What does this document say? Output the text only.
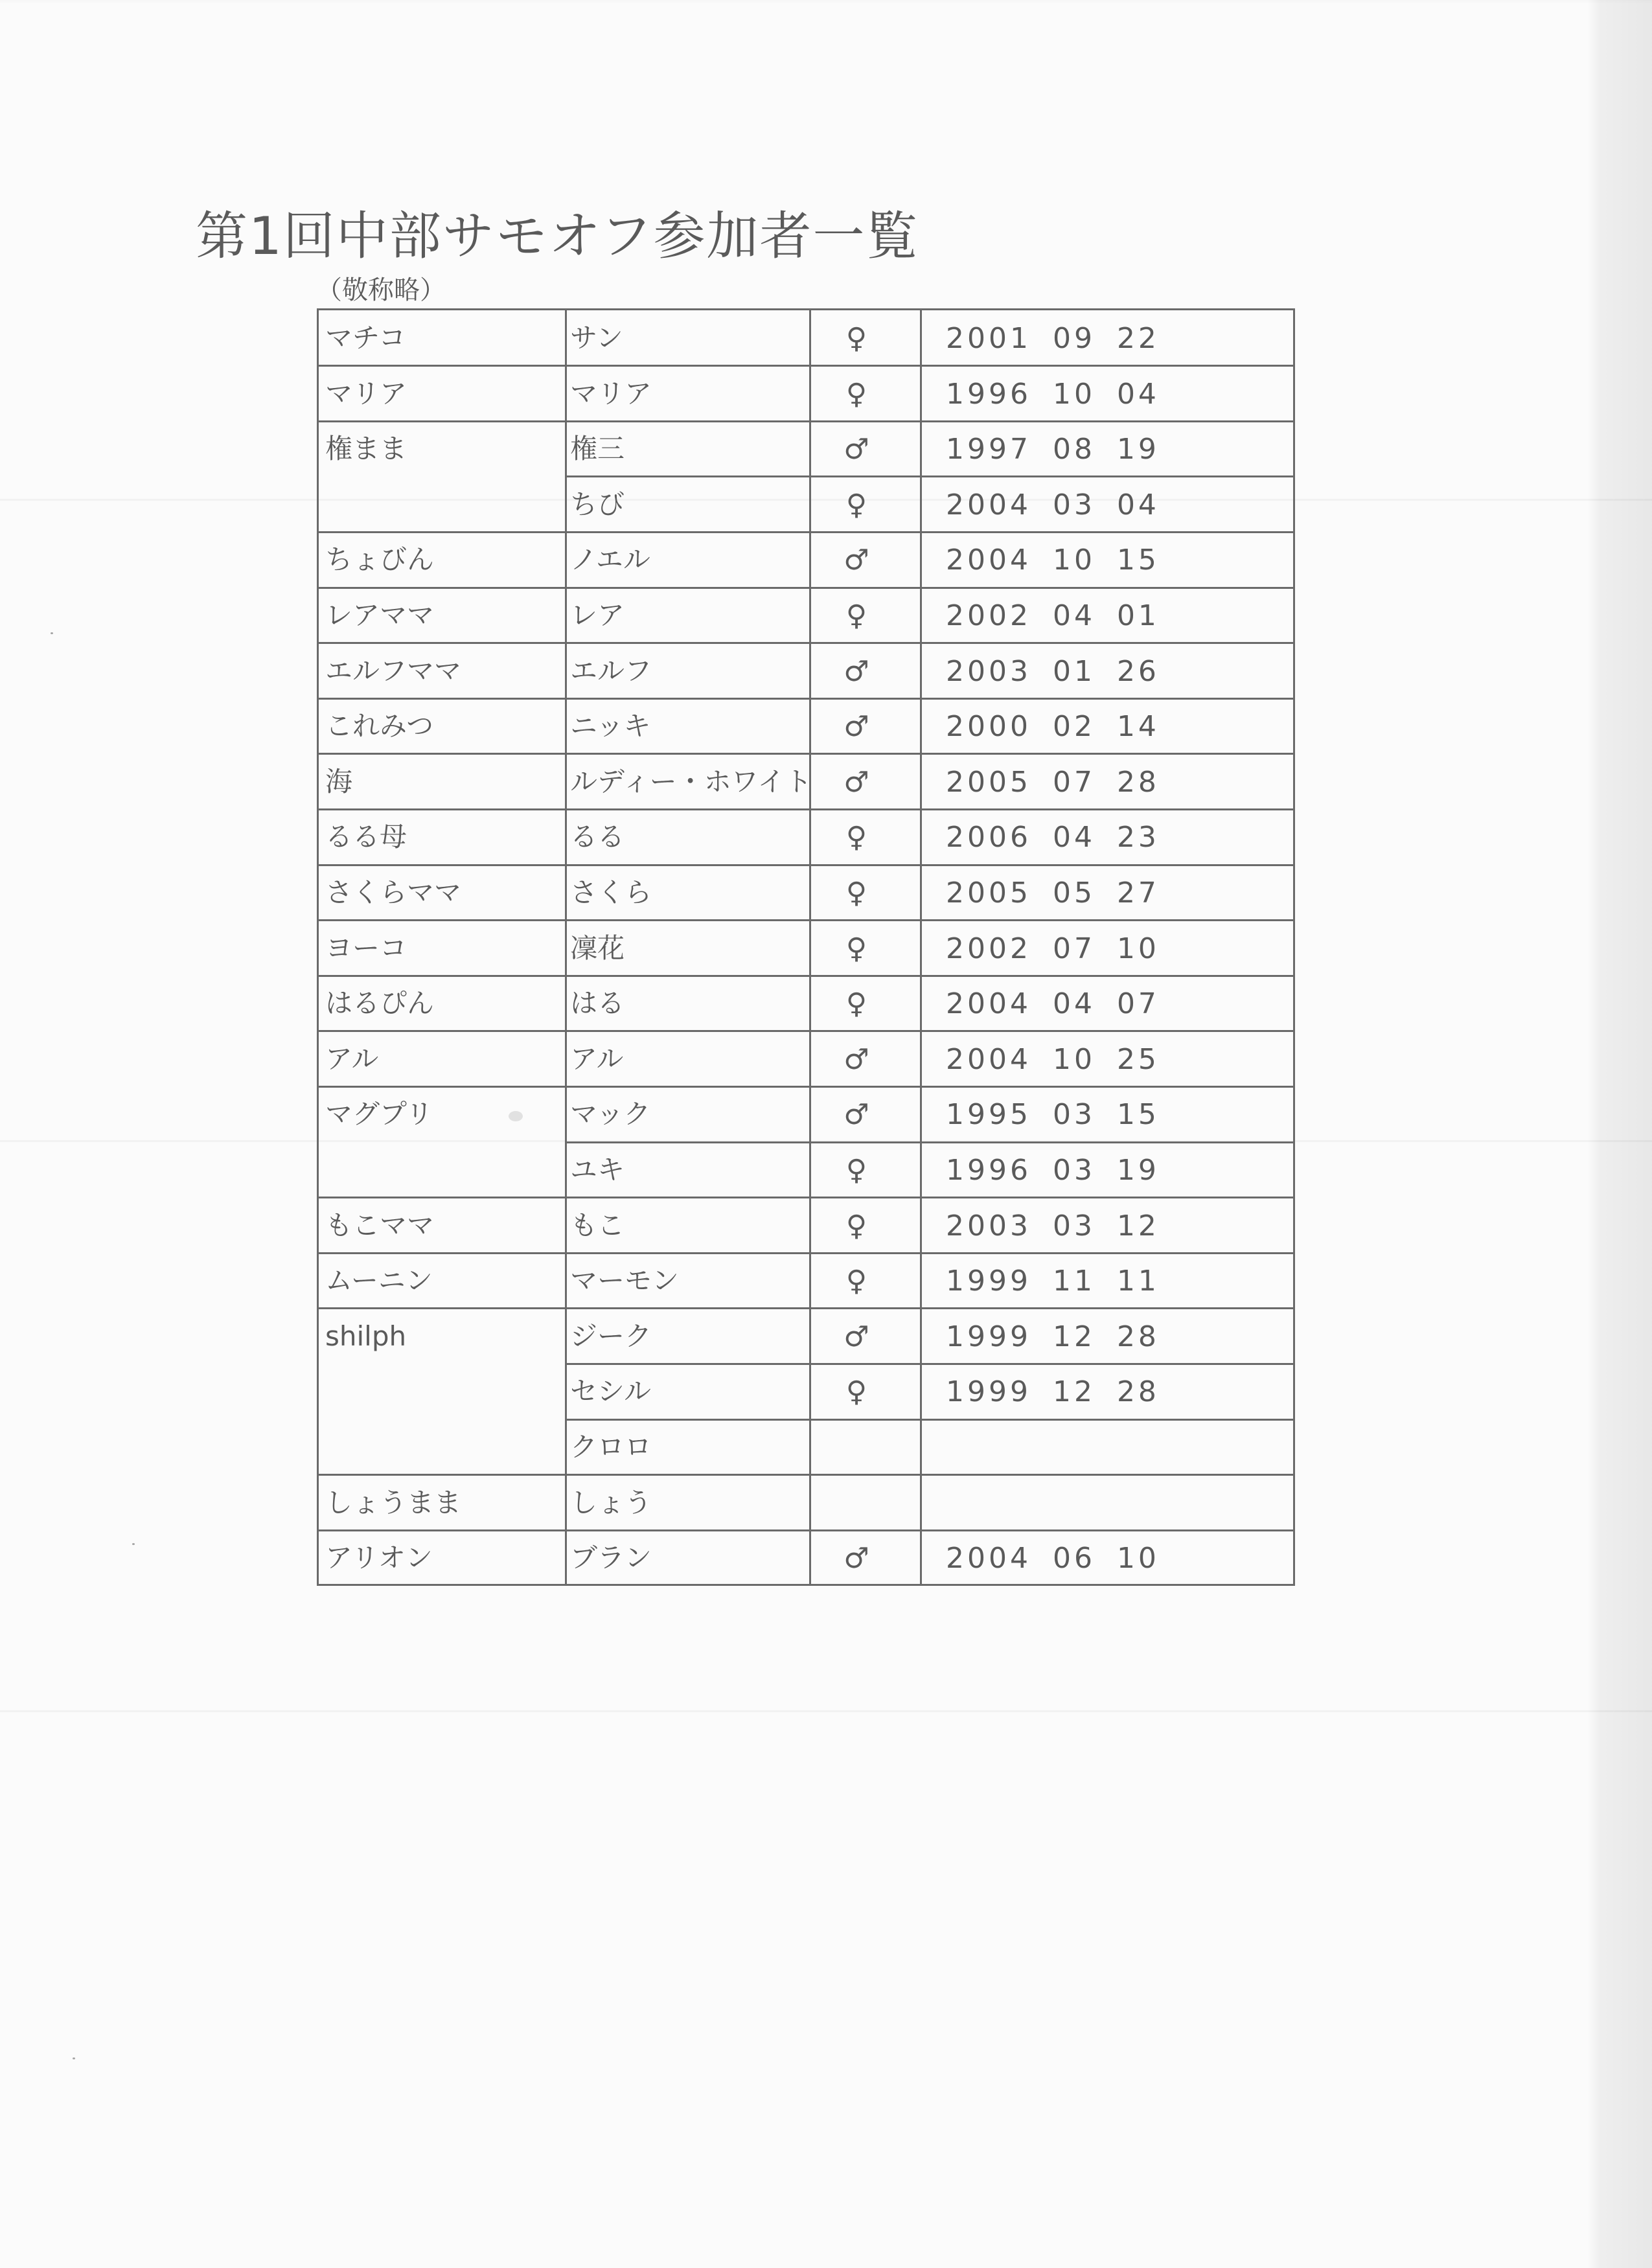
第1回中部サモオフ参加者一覧
（敬称略）
マチコ	サン	♀	2001 09 22
マリア	マリア	♀	1996 10 04
権まま	権三	♂	1997 08 19
ちび	♀	2004 03 04
ちょびん	ノエル	♂	2004 10 15
レアママ	レア	♀	2002 04 01
エルフママ	エルフ	♂	2003 01 26
これみつ	ニッキ	♂	2000 02 14
海	ルディー・ホワイト ♂	2005 07 28
るる母	るる	♀	2006 04 23
さくらママ	さくら	♀	2005 05 27
ヨーコ	凜花	♀	2002 07 10
はるぴん	はる	♀	2004 04 07
アル	アル	♂	2004 10 25
マグプリ	マック	♂	1995 03 15
ユキ	♀	1996 03 19
もこママ	もこ	♀	2003 03 12
ムーニン	マーモン	♀	1999 11 11
shilph	ジーク	♂	1999 12 28
セシル	♀	1999 12 28
クロロ
しょうまま	しょう
アリオン	ブラン	♂	2004 06 10
